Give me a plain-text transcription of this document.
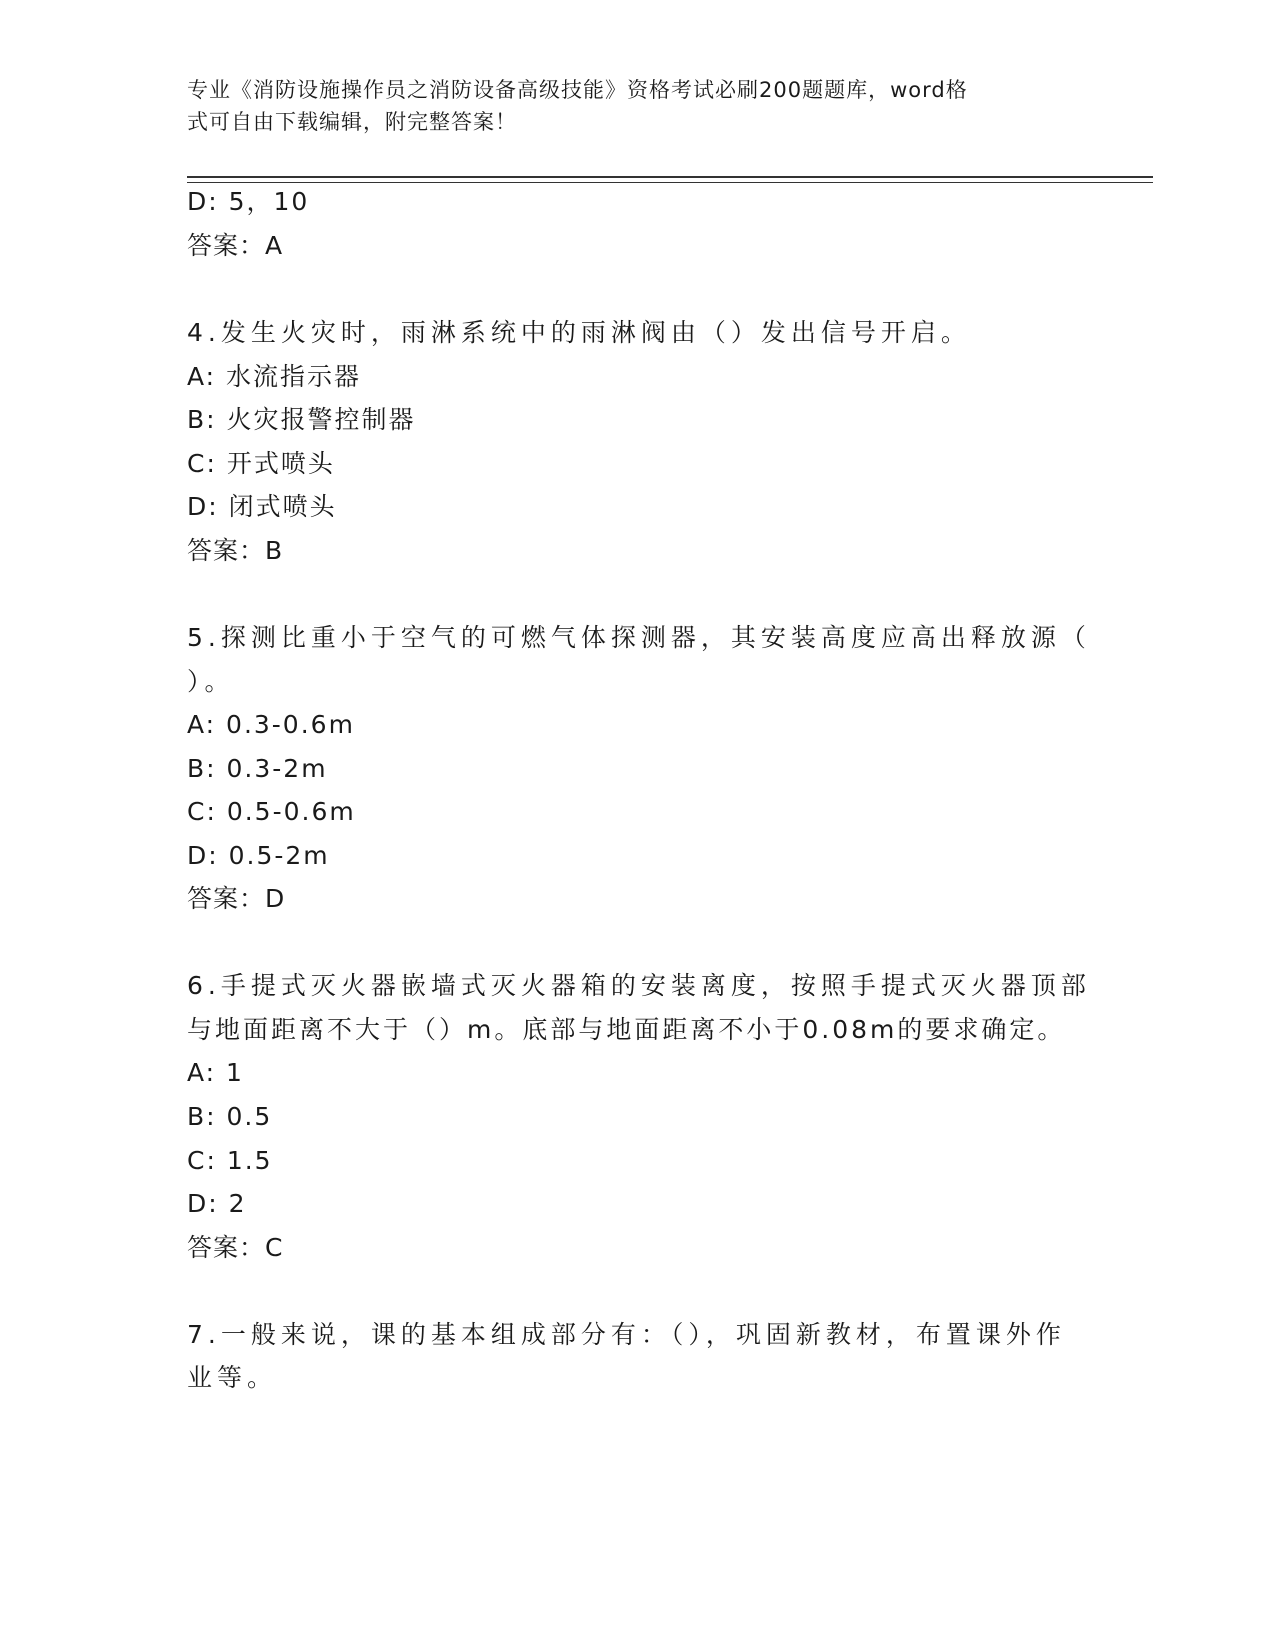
专业《消防设施操作员之消防设备高级技能》资格考试必刷200题题库，word格
式可自由下载编辑，附完整答案！
D: 5，10
答案：A
4.发生火灾时，雨淋系统中的雨淋阀由（）发出信号开启。
A: 水流指示器
B: 火灾报警控制器
C: 开式喷头
D: 闭式喷头
答案：B
5.探测比重小于空气的可燃气体探测器，其安装高度应高出释放源（
）。
A: 0.3-0.6m
B: 0.3-2m
C: 0.5-0.6m
D: 0.5-2m
答案：D
6.手提式灭火器嵌墙式灭火器箱的安装离度，按照手提式灭火器顶部
与地面距离不大于（）m。底部与地面距离不小于0.08m的要求确定。
A: 1
B: 0.5
C: 1.5
D: 2
答案：C
7.一般来说，课的基本组成部分有：（），巩固新教材，布置课外作
业等。
